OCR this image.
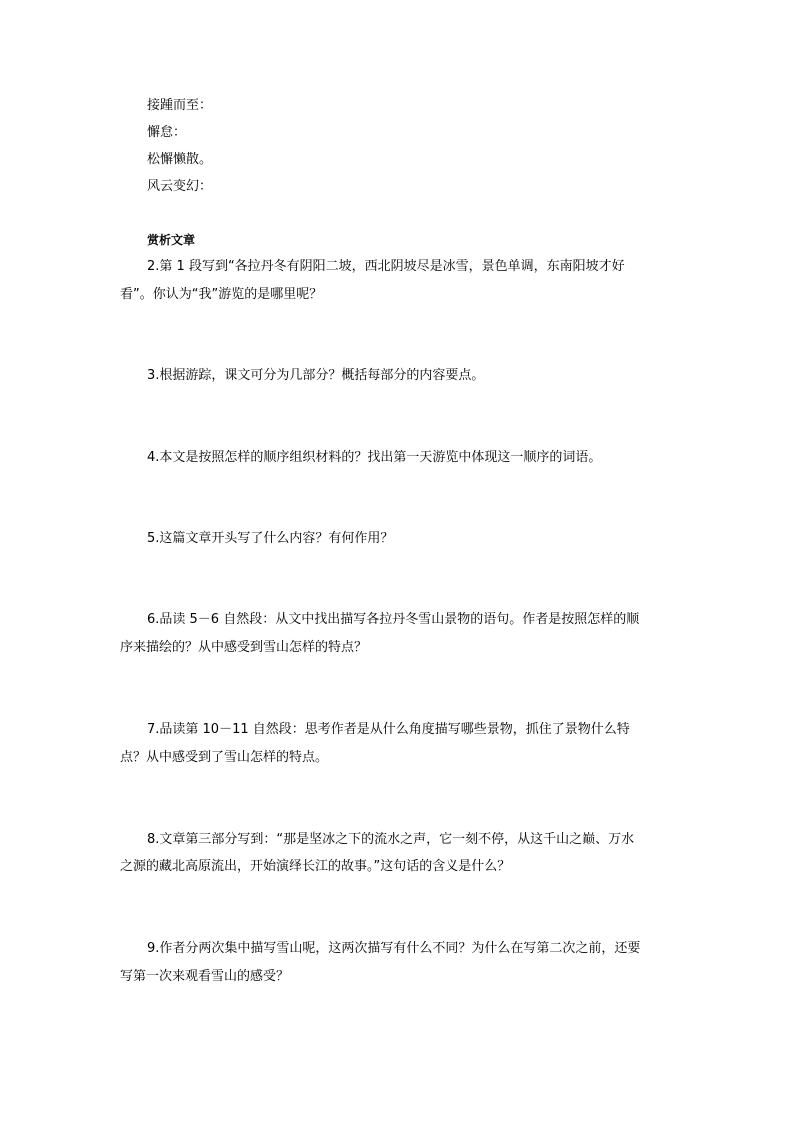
接踵而至：
懈怠：
松懈懒散。
风云变幻：
赏析文章
2.第 1 段写到“各拉丹冬有阴阳二坡，西北阴坡尽是冰雪，景色单调，东南阳坡才好
看”。你认为“我”游览的是哪里呢？
3.根据游踪，课文可分为几部分？概括每部分的内容要点。
4.本文是按照怎样的顺序组织材料的？找出第一天游览中体现这一顺序的词语。
5.这篇文章开头写了什么内容？有何作用？
6.品读 5－6 自然段：从文中找出描写各拉丹冬雪山景物的语句。作者是按照怎样的顺
序来描绘的？从中感受到雪山怎样的特点？
7.品读第 10－11 自然段：思考作者是从什么角度描写哪些景物，抓住了景物什么特
点？从中感受到了雪山怎样的特点。
8.文章第三部分写到：“那是坚冰之下的流水之声，它一刻不停，从这千山之巅、万水
之源的藏北高原流出，开始演绎长江的故事。”这句话的含义是什么？
9.作者分两次集中描写雪山呢，这两次描写有什么不同？为什么在写第二次之前，还要
写第一次来观看雪山的感受？
